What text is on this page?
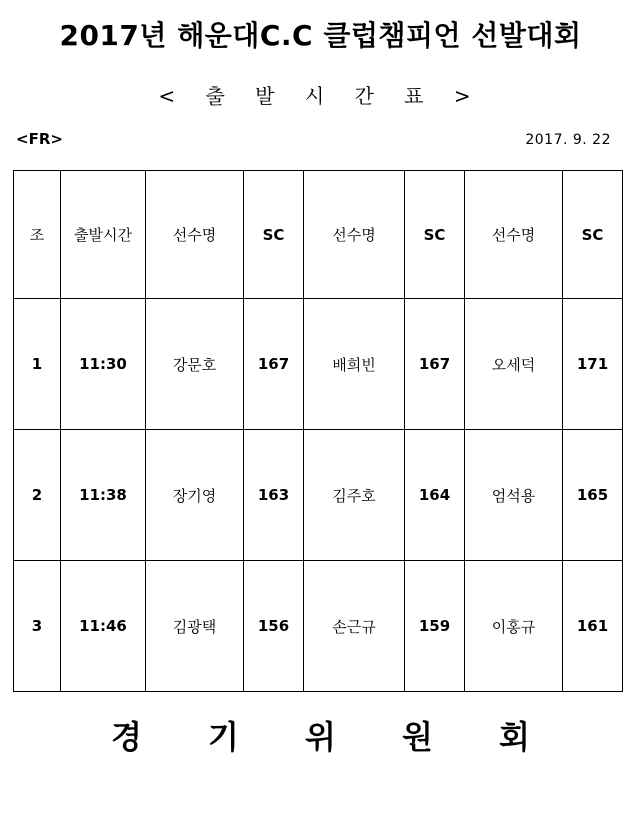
2017년 해운대C.C 클럽챔피언 선발대회
< 출 발 시 간 표 >
<FR>	2017. 9. 22
조	출발시간	선수명	SC	선수명	SC	선수명	SC
1	11:30	강문호	167	배희빈	167	오세덕	171
2	11:38	장기영	163	김주호	164	엄석용	165
3	11:46	김광택	156	손근규	159	이홍규	161
경	기	위	원	회
